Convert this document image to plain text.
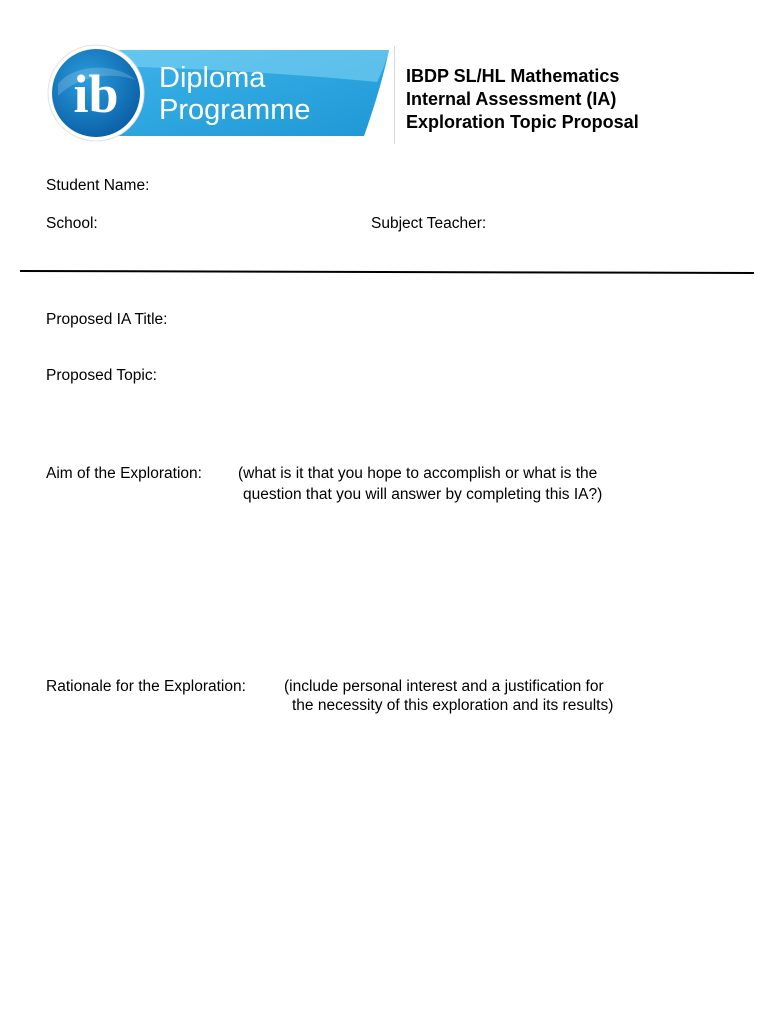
ib Diploma
Programme
IBDP SL/HL Mathematics
Internal Assessment (IA)
Exploration Topic Proposal
Student Name:
School:	Subject Teacher:
Proposed IA Title:
Proposed Topic:
Aim of the Exploration: (what is it that you hope to accomplish or what is the
question that you will answer by completing this IA?)
Rationale for the Exploration: (include personal interest and a justification for
the necessity of this exploration and its results)
